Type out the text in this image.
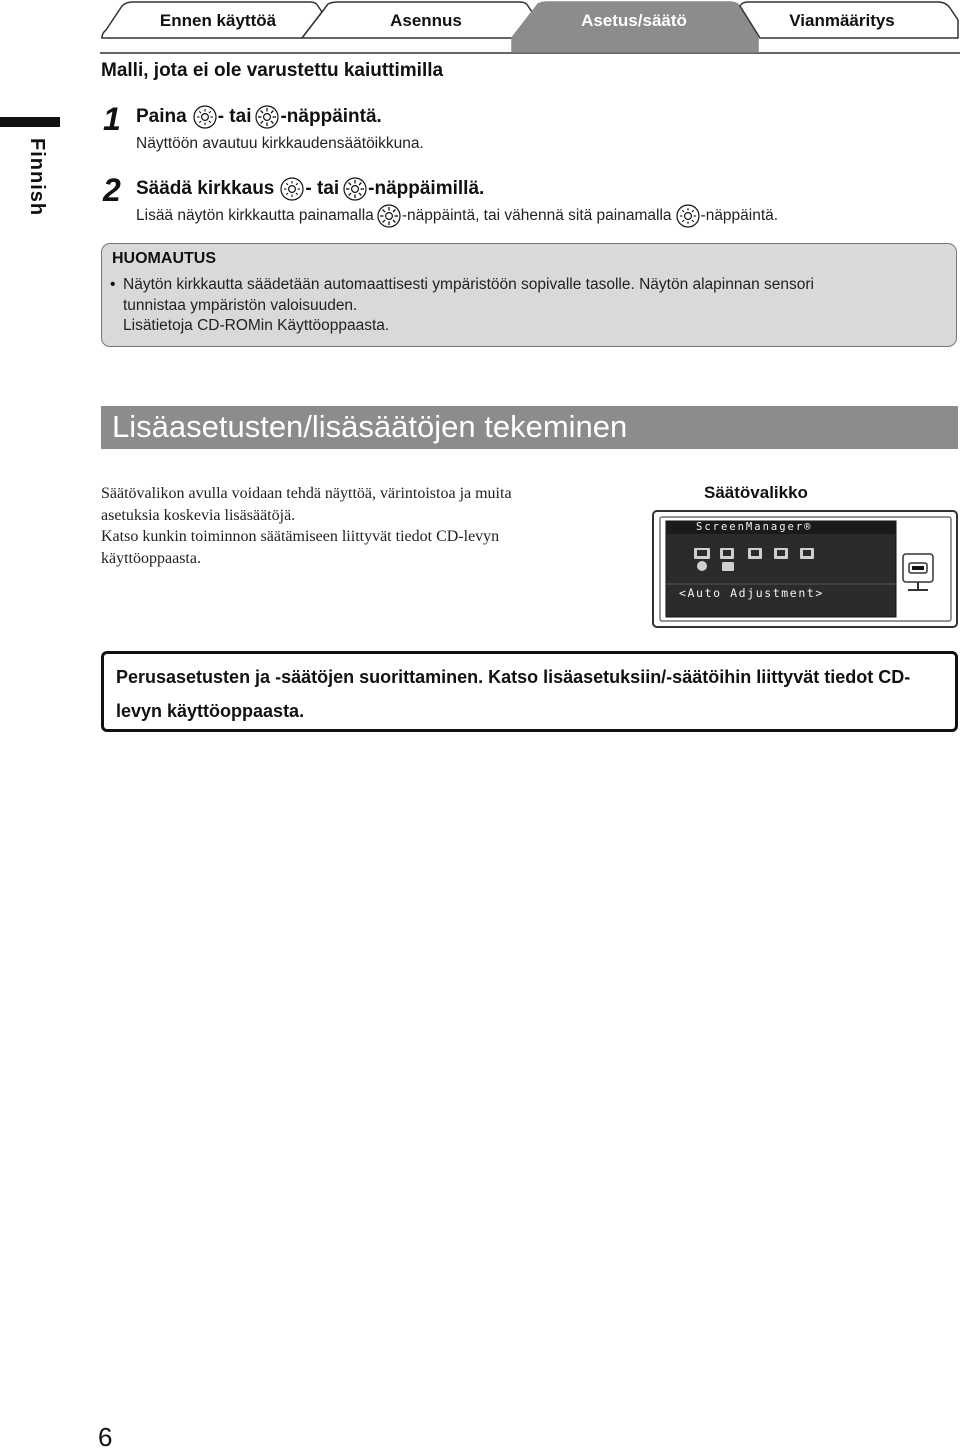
Ennen käyttöä	Asennus	Asetus/säätö	Vianmääritys
Finnish
Malli, jota ei ole varustettu kaiuttimilla
1 Paina - tai -näppäintä.
Näyttöön avautuu kirkkaudensäätöikkuna.
2 Säädä kirkkaus - tai -näppäimillä.
Lisää näytön kirkkautta painamalla -näppäintä, tai vähennä sitä painamalla -näppäintä.
HUOMAUTUS
• Näytön kirkkautta säädetään automaattisesti ympäristöön sopivalle tasolle. Näytön alapinnan sensori
tunnistaa ympäristön valoisuuden.
Lisätietoja CD-ROMin Käyttöoppaasta.
Lisäasetusten/lisäsäätöjen tekeminen
Säätövalikon avulla voidaan tehdä näyttöä, värintoistoa ja muita
asetuksia koskevia lisäsäätöjä.
Katso kunkin toiminnon säätämiseen liittyvät tiedot CD-levyn
käyttöoppaasta.
Säätövalikko
ScreenManager®
<Auto Adjustment>
Perusasetusten ja -säätöjen suorittaminen. Katso lisäasetuksiin/-säätöihin liittyvät tiedot CD-levyn käyttöoppaasta.
6
